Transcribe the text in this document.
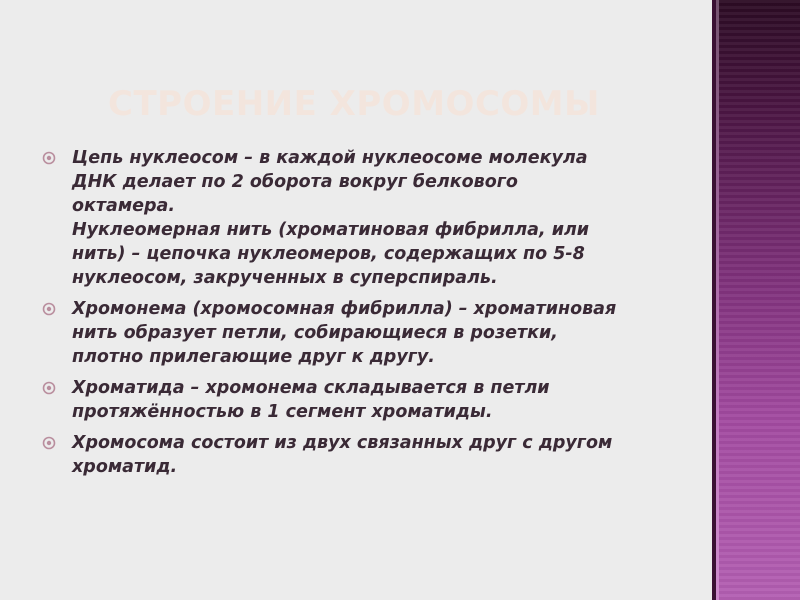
СТРОЕНИЕ ХРОМОСОМЫ
Цепь нуклеосом – в каждой нуклеосоме молекула
ДНК делает по 2 оборота вокруг белкового
октамера.
Нуклеомерная нить (хроматиновая фибрилла, или
нить) – цепочка нуклеомеров, содержащих по 5-8
нуклеосом, закрученных в суперспираль.
Хромонема (хромосомная фибрилла) – хроматиновая
нить образует петли, собирающиеся в розетки,
плотно прилегающие друг к другу.
Хроматида – хромонема складывается в петли
протяжённостью в 1 сегмент хроматиды.
Хромосома состоит из двух связанных друг с другом
хроматид.
